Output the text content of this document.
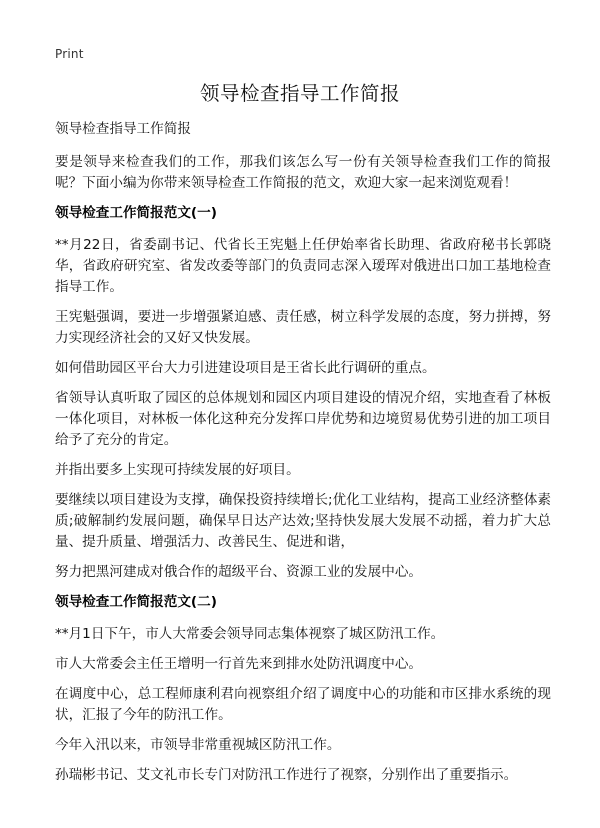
Print
领导检查指导工作简报

领导检查指导工作简报

要是领导来检查我们的工作，那我们该怎么写一份有关领导检查我们工作的简报呢？下面小编为你带来领导检查工作简报的范文，欢迎大家一起来浏览观看！

领导检查工作简报范文(一)

**月22日，省委副书记、代省长王宪魁上任伊始率省长助理、省政府秘书长郭晓华，省政府研究室、省发改委等部门的负责同志深入瑷珲对俄进出口加工基地检查指导工作。

王宪魁强调，要进一步增强紧迫感、责任感，树立科学发展的态度，努力拼搏，努力实现经济社会的又好又快发展。

如何借助园区平台大力引进建设项目是王省长此行调研的重点。

省领导认真听取了园区的总体规划和园区内项目建设的情况介绍，实地查看了林板一体化项目，对林板一体化这种充分发挥口岸优势和边境贸易优势引进的加工项目给予了充分的肯定。

并指出要多上实现可持续发展的好项目。

要继续以项目建设为支撑，确保投资持续增长;优化工业结构，提高工业经济整体素质;破解制约发展问题，确保早日达产达效;坚持快发展大发展不动摇，着力扩大总量、提升质量、增强活力、改善民生、促进和谐，

努力把黑河建成对俄合作的超级平台、资源工业的发展中心。

领导检查工作简报范文(二)

**月1日下午，市人大常委会领导同志集体视察了城区防汛工作。

市人大常委会主任王增明一行首先来到排水处防汛调度中心。

在调度中心，总工程师康利君向视察组介绍了调度中心的功能和市区排水系统的现状，汇报了今年的防汛工作。

今年入汛以来，市领导非常重视城区防汛工作。

孙瑞彬书记、艾文礼市长专门对防汛工作进行了视察，分别作出了重要指示。
